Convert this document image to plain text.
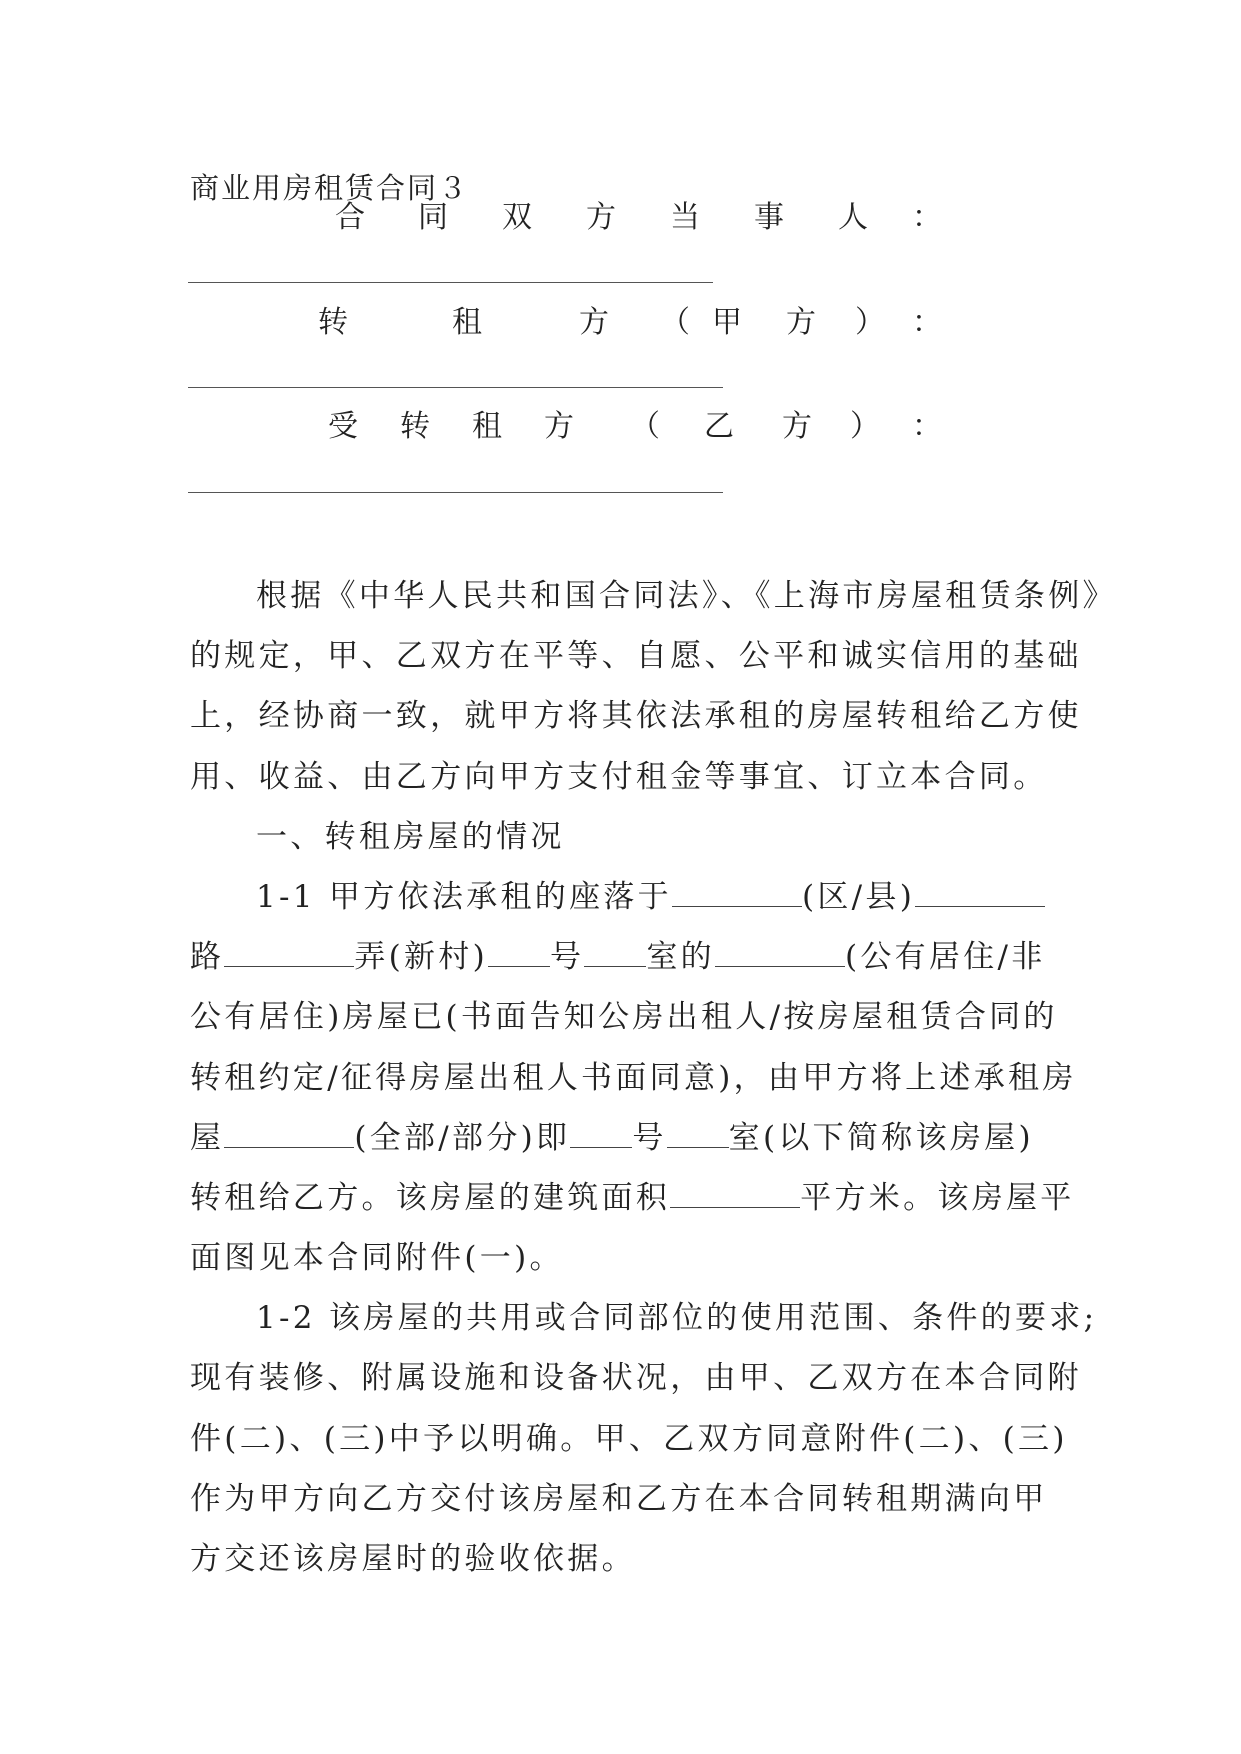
商业用房租赁合同３
合 同 双 方 当 事 人 ：
转	租	方 （ 甲 方 ） ：
受 转 租 方 （ 乙 方 ） ：
根据《中华人民共和国合同法》、《上海市房屋租赁条例》
的规定，甲、乙双方在平等、自愿、公平和诚实信用的基础
上，经协商一致，就甲方将其依法承租的房屋转租给乙方使
用、收益、由乙方向甲方支付租金等事宜、订立本合同。
一、转租房屋的情况
1-1 甲方依法承租的座落于	(区/县)
路	弄(新村) 号 室的	(公有居住/非
公有居住)房屋已(书面告知公房出租人/按房屋租赁合同的
转租约定/征得房屋出租人书面同意)，由甲方将上述承租房
屋	(全部/部分)即 号 室(以下简称该房屋)
转租给乙方。该房屋的建筑面积	平方米。该房屋平
面图见本合同附件(一)。
1-2 该房屋的共用或合同部位的使用范围、条件的要求;
现有装修、附属设施和设备状况，由甲、乙双方在本合同附
件(二)、(三)中予以明确。甲、乙双方同意附件(二)、(三)
作为甲方向乙方交付该房屋和乙方在本合同转租期满向甲
方交还该房屋时的验收依据。
